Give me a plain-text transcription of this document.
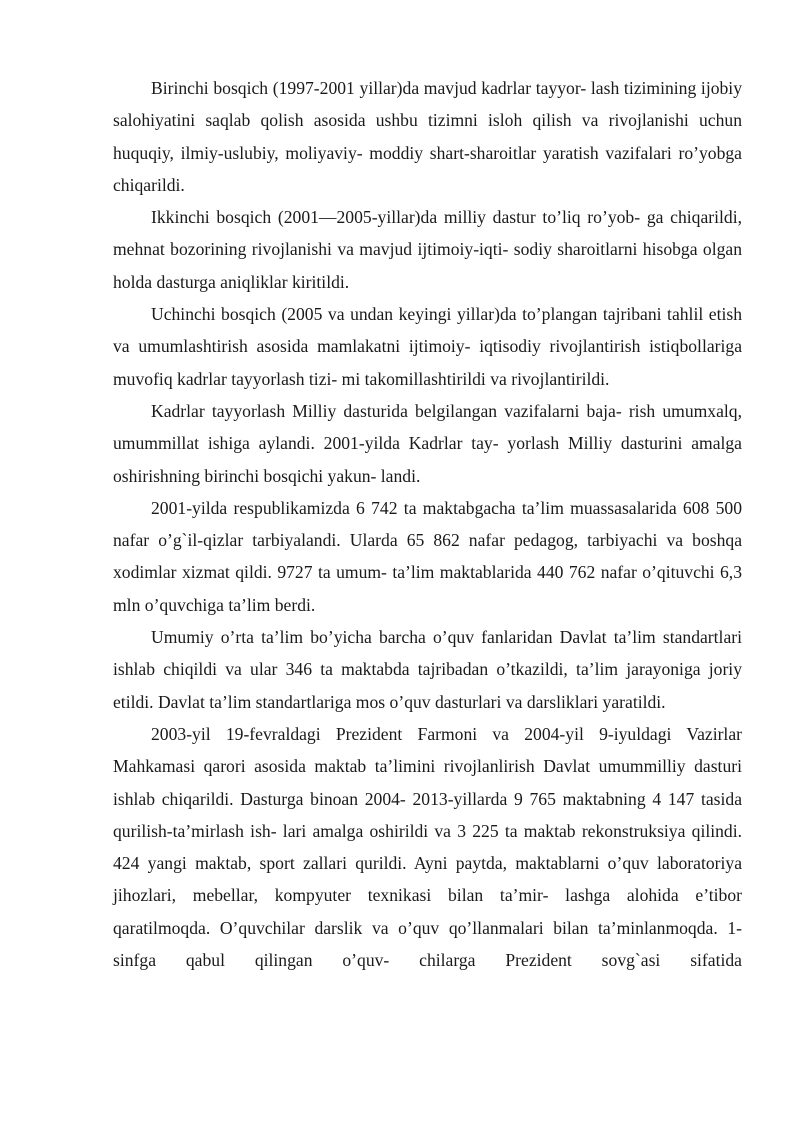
Birinchi bosqich (1997-2001 yillar)da mavjud kadrlar tayyor- lash tizimining ijobiy salohiyatini saqlab qolish asosida ushbu tizimni isloh qilish va rivojlanishi uchun huquqiy, ilmiy-uslubiy, moliyaviy- moddiy shart-sharoitlar yaratish vazifalari ro’yobga chiqarildi.

Ikkinchi bosqich (2001—2005-yillar)da milliy dastur to’liq ro’yob- ga chiqarildi, mehnat bozorining rivojlanishi va mavjud ijtimoiy-iqti- sodiy sharoitlarni hisobga olgan holda dasturga aniqliklar kiritildi.

Uchinchi bosqich (2005 va undan keyingi yillar)da to’plangan tajribani tahlil etish va umumlashtirish asosida mamlakatni ijtimoiy- iqtisodiy rivojlantirish istiqbollariga muvofiq kadrlar tayyorlash tizi- mi takomillashtirildi va rivojlantirildi.

Kadrlar tayyorlash Milliy dasturida belgilangan vazifalarni baja- rish umumxalq, umummillat ishiga aylandi. 2001-yilda Kadrlar tay- yorlash Milliy dasturini amalga oshirishning birinchi bosqichi yakun- landi.

2001-yilda respublikamizda 6 742 ta maktabgacha ta’lim muassasalarida 608 500 nafar o’g`il-qizlar tarbiyalandi. Ularda 65 862 nafar pedagog, tarbiyachi va boshqa xodimlar xizmat qildi. 9727 ta umum- ta’lim maktablarida 440 762 nafar o’qituvchi 6,3 mln o’quvchiga ta’lim berdi.

Umumiy o’rta ta’lim bo’yicha barcha o’quv fanlaridan Davlat ta’lim standartlari ishlab chiqildi va ular 346 ta maktabda tajribadan o’tkazildi, ta’lim jarayoniga joriy etildi. Davlat ta’lim standartlariga mos o’quv dasturlari va darsliklari yaratildi.

2003-yil 19-fevraldagi Prezident Farmoni va 2004-yil 9-iyuldagi Vazirlar Mahkamasi qarori asosida maktab ta’limini rivojlanlirish Davlat umummilliy dasturi ishlab chiqarildi. Dasturga binoan 2004- 2013-yillarda 9 765 maktabning 4 147 tasida qurilish-ta’mirlash ish- lari amalga oshirildi va 3 225 ta maktab rekonstruksiya qilindi. 424 yangi maktab, sport zallari qurildi. Ayni paytda, maktablarni o’quv laboratoriya jihozlari, mebellar, kompyuter texnikasi bilan ta’mir- lashga alohida e’tibor qaratilmoqda. O’quvchilar darslik va o’quv qo’llanmalari bilan ta’minlanmoqda. 1-sinfga qabul qilingan o’quv- chilarga Prezident sovg`asi sifatida
